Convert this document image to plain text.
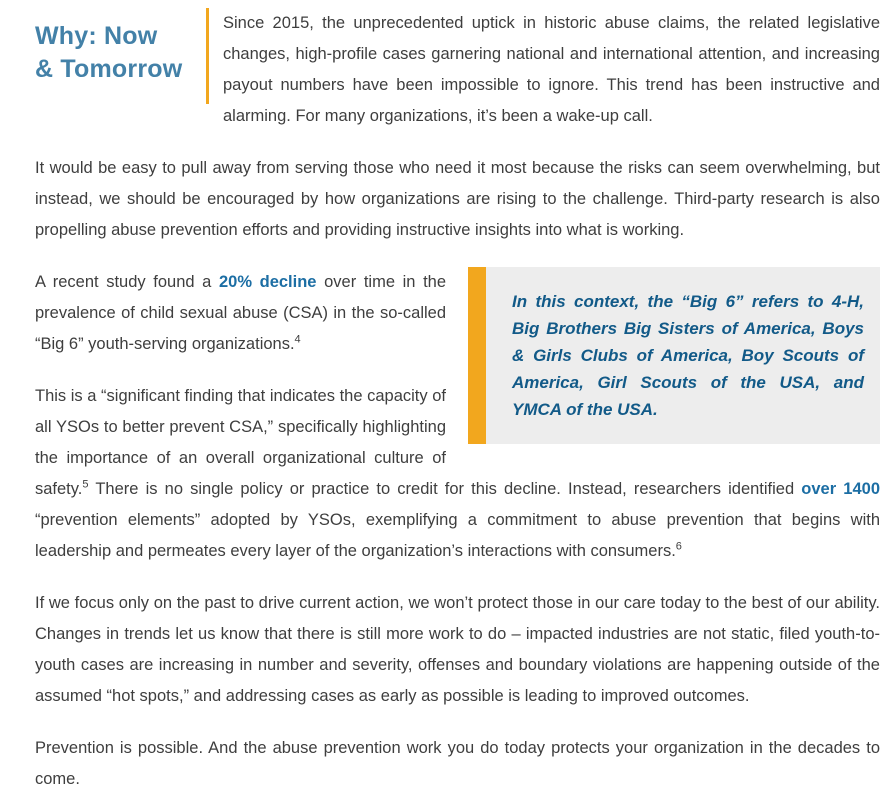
Why: Now
& Tomorrow

Since 2015, the unprecedented uptick in historic abuse claims, the related legislative changes, high-profile cases garnering national and international attention, and increasing payout numbers have been impossible to ignore. This trend has been instructive and alarming. For many organizations, it’s been a wake-up call.

It would be easy to pull away from serving those who need it most because the risks can seem overwhelming, but instead, we should be encouraged by how organizations are rising to the challenge. Third-party research is also propelling abuse prevention efforts and providing instructive insights into what is working.

In this context, the “Big 6” refers to 4-H, Big Brothers Big Sisters of America, Boys & Girls Clubs of America, Boy Scouts of America, Girl Scouts of the USA, and YMCA of the USA.

A recent study found a 20% decline over time in the prevalence of child sexual abuse (CSA) in the so-called “Big 6” youth-serving organizations.$^4$

This is a “significant finding that indicates the capacity of all YSOs to better prevent CSA,” specifically highlighting the importance of an overall organizational culture of safety.$^5$ There is no single policy or practice to credit for this decline. Instead, researchers identified over 1400 “prevention elements” adopted by YSOs, exemplifying a commitment to abuse prevention that begins with leadership and permeates every layer of the organization’s interactions with consumers.$^6$

If we focus only on the past to drive current action, we won’t protect those in our care today to the best of our ability. Changes in trends let us know that there is still more work to do – impacted industries are not static, filed youth-to-youth cases are increasing in number and severity, offenses and boundary violations are happening outside of the assumed “hot spots,” and addressing cases as early as possible is leading to improved outcomes.

Prevention is possible. And the abuse prevention work you do today protects your organization in the decades to come.
